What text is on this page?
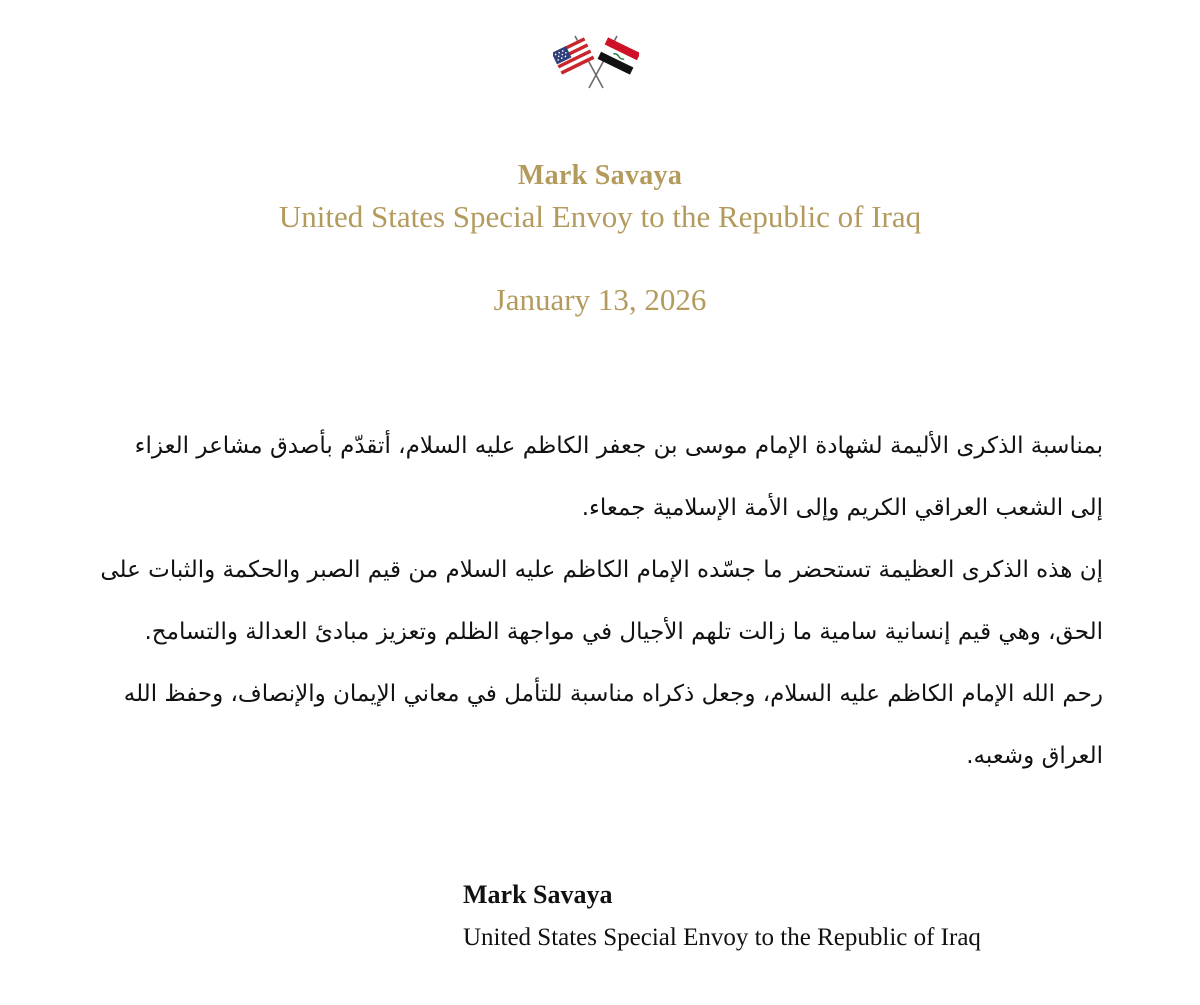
Mark Savaya
United States Special Envoy to the Republic of Iraq
January 13, 2026

بمناسبة الذكرى الأليمة لشهادة الإمام موسى بن جعفر الكاظم عليه السلام، أتقدّم بأصدق مشاعر العزاء إلى الشعب العراقي الكريم وإلى الأمة الإسلامية جمعاء.

إن هذه الذكرى العظيمة تستحضر ما جسّده الإمام الكاظم عليه السلام من قيم الصبر والحكمة والثبات على الحق، وهي قيم إنسانية سامية ما زالت تلهم الأجيال في مواجهة الظلم وتعزيز مبادئ العدالة والتسامح.

رحم الله الإمام الكاظم عليه السلام، وجعل ذكراه مناسبة للتأمل في معاني الإيمان والإنصاف، وحفظ الله العراق وشعبه.

Mark Savaya
United States Special Envoy to the Republic of Iraq
